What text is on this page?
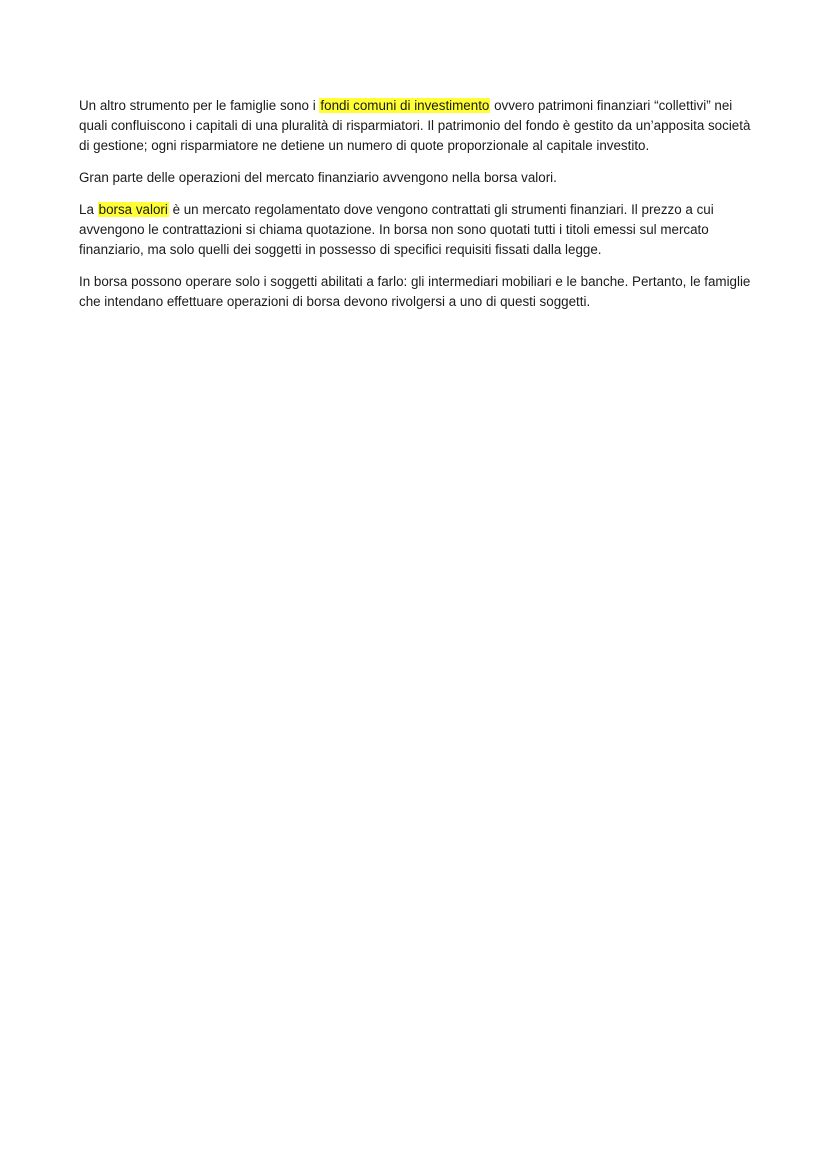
Un altro strumento per le famiglie sono i fondi comuni di investimento ovvero patrimoni finanziari “collettivi” nei quali confluiscono i capitali di una pluralità di risparmiatori. Il patrimonio del fondo è gestito da un’apposita società di gestione; ogni risparmiatore ne detiene un numero di quote proporzionale al capitale investito.

Gran parte delle operazioni del mercato finanziario avvengono nella borsa valori.

La borsa valori è un mercato regolamentato dove vengono contrattati gli strumenti finanziari. Il prezzo a cui avvengono le contrattazioni si chiama quotazione. In borsa non sono quotati tutti i titoli emessi sul mercato finanziario, ma solo quelli dei soggetti in possesso di specifici requisiti fissati dalla legge.

In borsa possono operare solo i soggetti abilitati a farlo: gli intermediari mobiliari e le banche. Pertanto, le famiglie che intendano effettuare operazioni di borsa devono rivolgersi a uno di questi soggetti.
